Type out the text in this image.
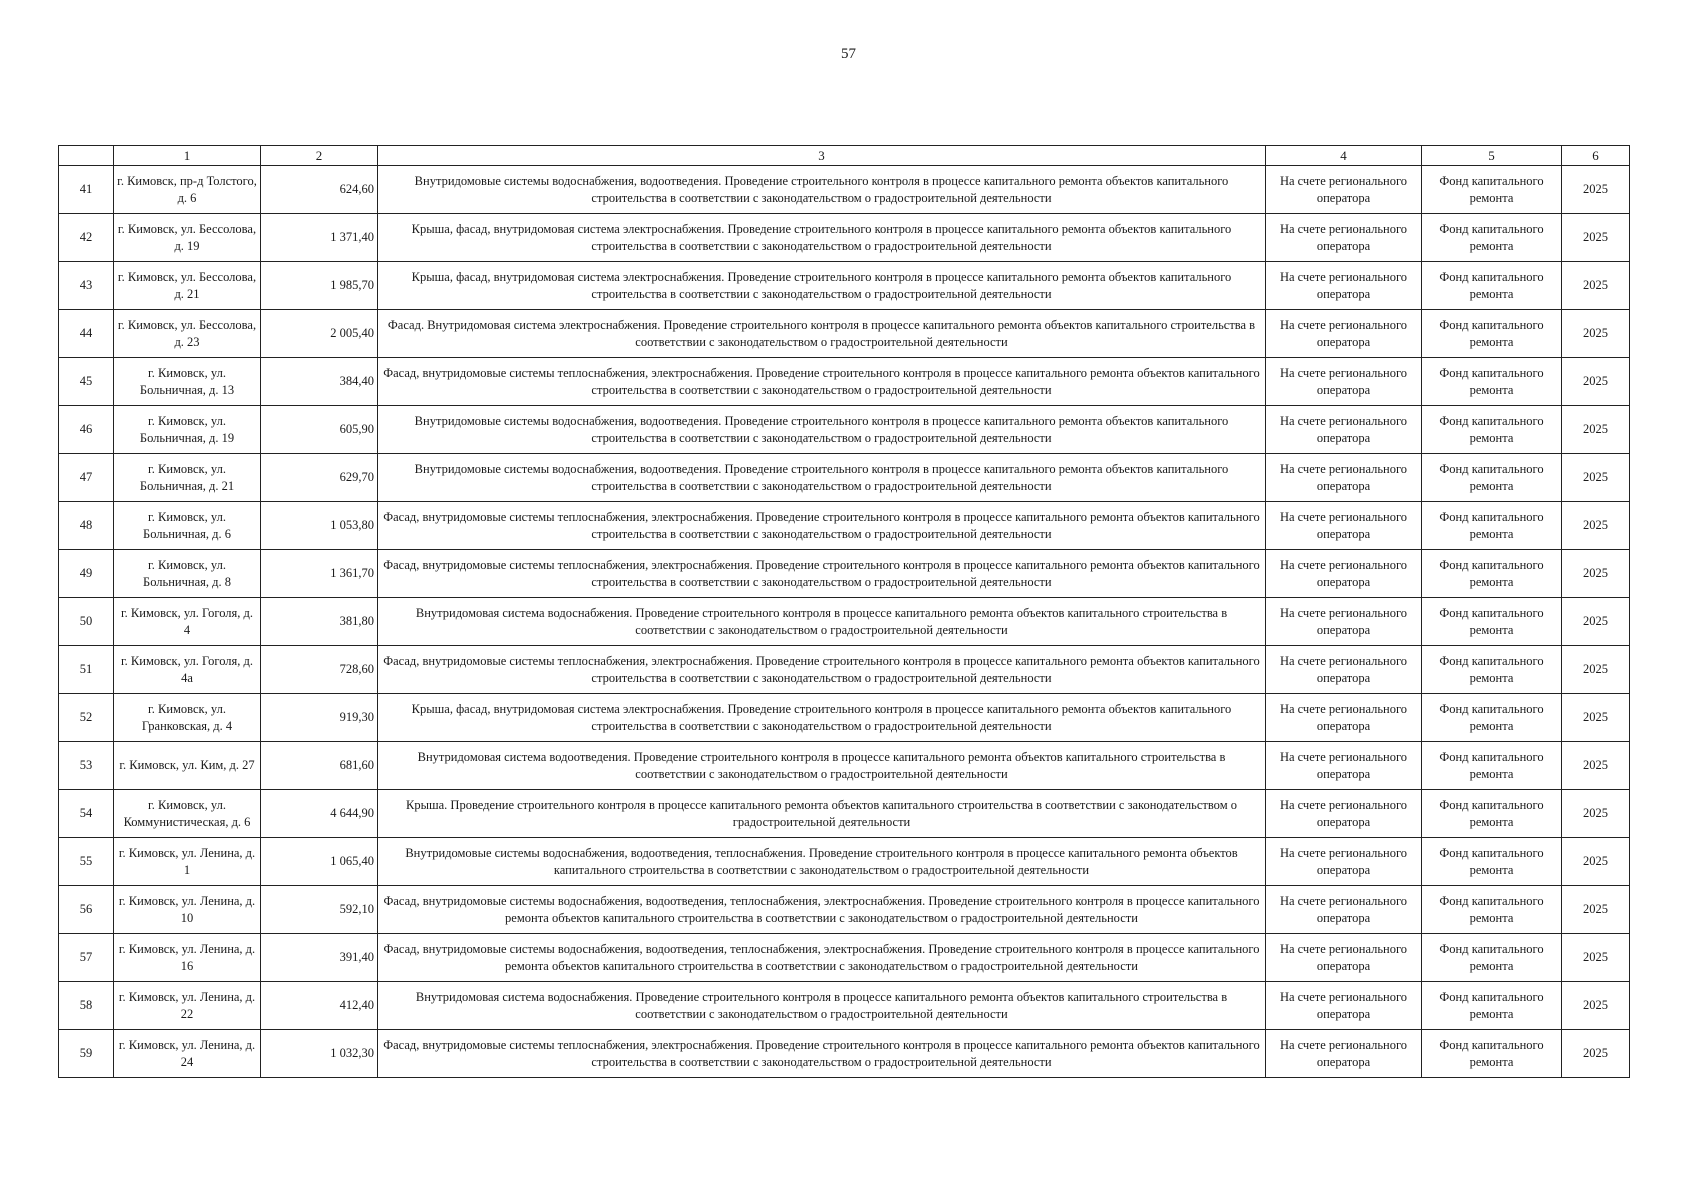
57
	1	2	3	4	5	6
41	г. Кимовск, пр-д Толстого, д. 6	624,60	Внутридомовые системы водоснабжения, водоотведения. Проведение строительного контроля в процессе капитального ремонта объектов капитального строительства в соответствии с законодательством о градостроительной деятельности	На счете регионального оператора	Фонд капитального ремонта	2025
42	г. Кимовск, ул. Бессолова, д. 19	1 371,40	Крыша, фасад, внутридомовая система электроснабжения. Проведение строительного контроля в процессе капитального ремонта объектов капитального строительства в соответствии с законодательством о градостроительной деятельности	На счете регионального оператора	Фонд капитального ремонта	2025
43	г. Кимовск, ул. Бессолова, д. 21	1 985,70	Крыша, фасад, внутридомовая система электроснабжения. Проведение строительного контроля в процессе капитального ремонта объектов капитального строительства в соответствии с законодательством о градостроительной деятельности	На счете регионального оператора	Фонд капитального ремонта	2025
44	г. Кимовск, ул. Бессолова, д. 23	2 005,40	Фасад. Внутридомовая система электроснабжения. Проведение строительного контроля в процессе капитального ремонта объектов капитального строительства в соответствии с законодательством о градостроительной деятельности	На счете регионального оператора	Фонд капитального ремонта	2025
45	г. Кимовск, ул. Больничная, д. 13	384,40	Фасад, внутридомовые системы теплоснабжения, электроснабжения. Проведение строительного контроля в процессе капитального ремонта объектов капитального строительства в соответствии с законодательством о градостроительной деятельности	На счете регионального оператора	Фонд капитального ремонта	2025
46	г. Кимовск, ул. Больничная, д. 19	605,90	Внутридомовые системы водоснабжения, водоотведения. Проведение строительного контроля в процессе капитального ремонта объектов капитального строительства в соответствии с законодательством о градостроительной деятельности	На счете регионального оператора	Фонд капитального ремонта	2025
47	г. Кимовск, ул. Больничная, д. 21	629,70	Внутридомовые системы водоснабжения, водоотведения. Проведение строительного контроля в процессе капитального ремонта объектов капитального строительства в соответствии с законодательством о градостроительной деятельности	На счете регионального оператора	Фонд капитального ремонта	2025
48	г. Кимовск, ул. Больничная, д. 6	1 053,80	Фасад, внутридомовые системы теплоснабжения, электроснабжения. Проведение строительного контроля в процессе капитального ремонта объектов капитального строительства в соответствии с законодательством о градостроительной деятельности	На счете регионального оператора	Фонд капитального ремонта	2025
49	г. Кимовск, ул. Больничная, д. 8	1 361,70	Фасад, внутридомовые системы теплоснабжения, электроснабжения. Проведение строительного контроля в процессе капитального ремонта объектов капитального строительства в соответствии с законодательством о градостроительной деятельности	На счете регионального оператора	Фонд капитального ремонта	2025
50	г. Кимовск, ул. Гоголя, д. 4	381,80	Внутридомовая система водоснабжения. Проведение строительного контроля в процессе капитального ремонта объектов капитального строительства в соответствии с законодательством о градостроительной деятельности	На счете регионального оператора	Фонд капитального ремонта	2025
51	г. Кимовск, ул. Гоголя, д. 4а	728,60	Фасад, внутридомовые системы теплоснабжения, электроснабжения. Проведение строительного контроля в процессе капитального ремонта объектов капитального строительства в соответствии с законодательством о градостроительной деятельности	На счете регионального оператора	Фонд капитального ремонта	2025
52	г. Кимовск, ул. Гранковская, д. 4	919,30	Крыша, фасад, внутридомовая система электроснабжения. Проведение строительного контроля в процессе капитального ремонта объектов капитального строительства в соответствии с законодательством о градостроительной деятельности	На счете регионального оператора	Фонд капитального ремонта	2025
53	г. Кимовск, ул. Ким, д. 27	681,60	Внутридомовая система водоотведения. Проведение строительного контроля в процессе капитального ремонта объектов капитального строительства в соответствии с законодательством о градостроительной деятельности	На счете регионального оператора	Фонд капитального ремонта	2025
54	г. Кимовск, ул. Коммунистическая, д. 6	4 644,90	Крыша. Проведение строительного контроля в процессе капитального ремонта объектов капитального строительства в соответствии с законодательством о градостроительной деятельности	На счете регионального оператора	Фонд капитального ремонта	2025
55	г. Кимовск, ул. Ленина, д. 1	1 065,40	Внутридомовые системы водоснабжения, водоотведения, теплоснабжения. Проведение строительного контроля в процессе капитального ремонта объектов капитального строительства в соответствии с законодательством о градостроительной деятельности	На счете регионального оператора	Фонд капитального ремонта	2025
56	г. Кимовск, ул. Ленина, д. 10	592,10	Фасад, внутридомовые системы водоснабжения, водоотведения, теплоснабжения, электроснабжения. Проведение строительного контроля в процессе капитального ремонта объектов капитального строительства в соответствии с законодательством о градостроительной деятельности	На счете регионального оператора	Фонд капитального ремонта	2025
57	г. Кимовск, ул. Ленина, д. 16	391,40	Фасад, внутридомовые системы водоснабжения, водоотведения, теплоснабжения, электроснабжения. Проведение строительного контроля в процессе капитального ремонта объектов капитального строительства в соответствии с законодательством о градостроительной деятельности	На счете регионального оператора	Фонд капитального ремонта	2025
58	г. Кимовск, ул. Ленина, д. 22	412,40	Внутридомовая система водоснабжения. Проведение строительного контроля в процессе капитального ремонта объектов капитального строительства в соответствии с законодательством о градостроительной деятельности	На счете регионального оператора	Фонд капитального ремонта	2025
59	г. Кимовск, ул. Ленина, д. 24	1 032,30	Фасад, внутридомовые системы теплоснабжения, электроснабжения. Проведение строительного контроля в процессе капитального ремонта объектов капитального строительства в соответствии с законодательством о градостроительной деятельности	На счете регионального оператора	Фонд капитального ремонта	2025
